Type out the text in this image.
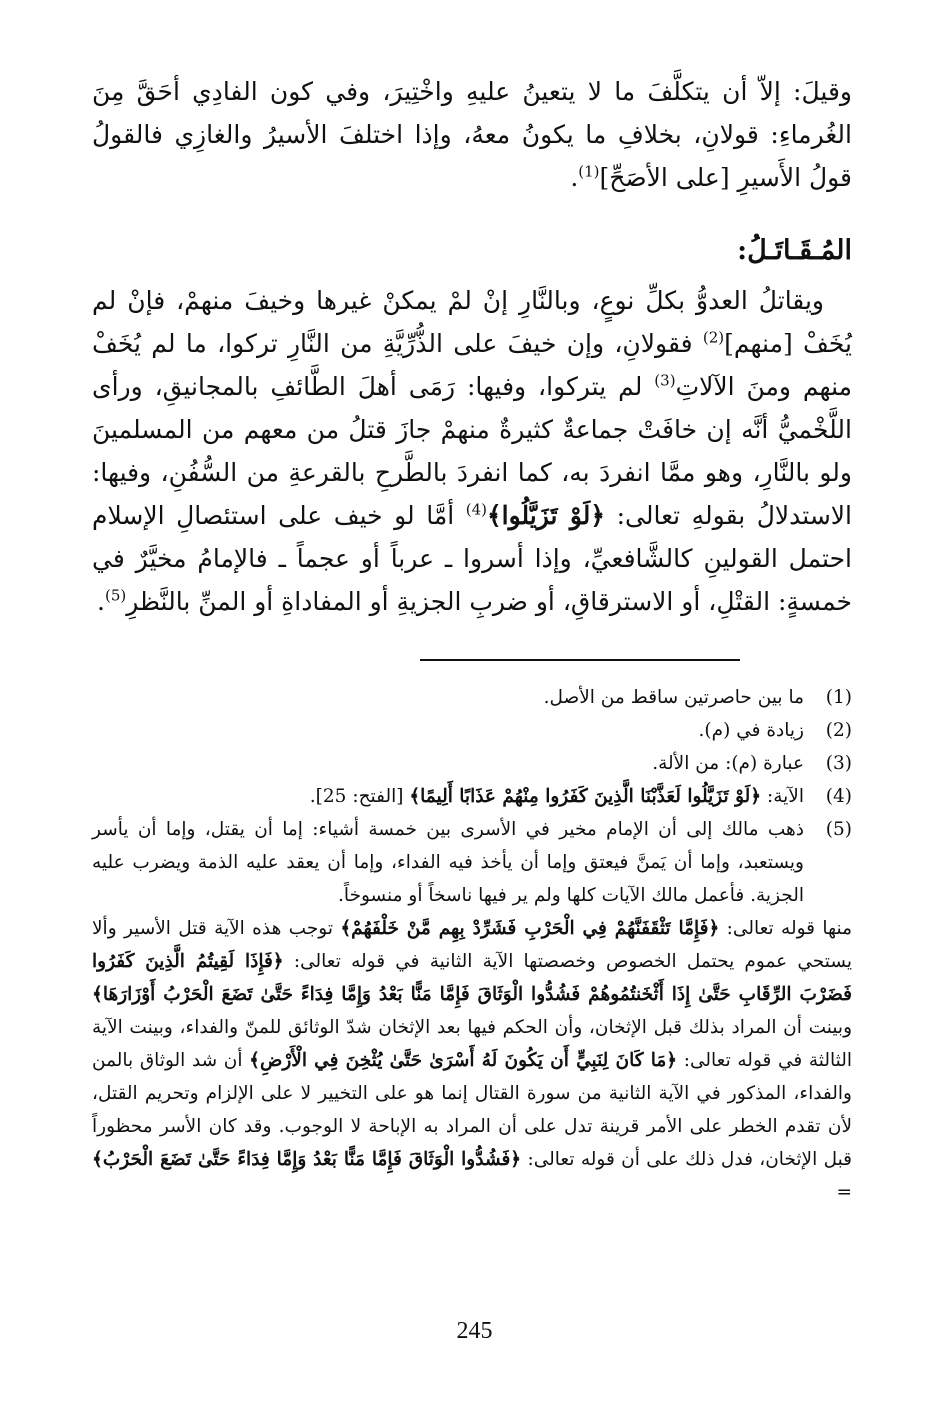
وقيلَ: إلاّ أن يتكلَّفَ ما لا يتعينُ عليهِ واخْتِيرَ، وفي كون الفادِي أحَقَّ مِنَ الغُرماءِ: قولانِ، بخلافِ ما يكونُ معهُ، وإذا اختلفَ الأسيرُ والغازِي فالقولُ قولُ الأَسيرِ [على الأصَحِّ]$^{(1)}$.

المُـقَـاتَـلُ:

ويقاتلُ العدوُّ بكلِّ نوعٍ، وبالنَّارِ إنْ لمْ يمكنْ غيرها وخيفَ منهمْ، فإنْ لم يُخَفْ [منهم]$^{(2)}$ فقولانِ، وإن خيفَ على الذُّرِّيَّةِ من النَّارِ تركوا، ما لم يُخَفْ منهم ومنَ الآلاتِ$^{(3)}$ لم يتركوا، وفيها: رَمَى أهلَ الطَّائفِ بالمجانيقِ، ورأى اللَّخْميُّ أنَّه إن خافَتْ جماعةٌ كثيرةٌ منهمْ جازَ قتلُ من معهم من المسلمينَ ولو بالنَّارِ، وهو ممَّا انفردَ به، كما انفردَ بالطَّرحِ بالقرعةِ من السُّفُنِ، وفيها: الاستدلالُ بقولهِ تعالى: ﴿لَوْ تَزَيَّلُوا﴾$^{(4)}$ أمَّا لو خيف على استئصالِ الإسلام احتمل القولينِ كالشَّافعيِّ، وإذا أسروا ـ عرباً أو عجماً ـ فالإمامُ مخيَّرٌ في خمسةٍ: القتْلِ، أو الاسترقاقِ، أو ضربِ الجزيةِ أو المفاداةِ أو المنِّ بالنَّظرِ$^{(5)}$.

(1)
ما بين حاصرتين ساقط من الأصل.
(2)
زيادة في (م).
(3)
عبارة (م): من الألة.
(4)
الآية: ﴿لَوْ تَزَيَّلُوا لَعَذَّبْنَا الَّذِينَ كَفَرُوا مِنْهُمْ عَذَابًا أَلِيمًا﴾ [الفتح: 25].
(5)
ذهب مالك إلى أن الإمام مخير في الأسرى بين خمسة أشياء: إما أن يقتل، وإما أن يأسر ويستعبد، وإما أن يَمنَّ فيعتق وإما أن يأخذ فيه الفداء، وإما أن يعقد عليه الذمة ويضرب عليه الجزية. فأعمل مالك الآيات كلها ولم ير فيها ناسخاً أو منسوخاً.
منها قوله تعالى: ﴿فَإِمَّا تَثْقَفَنَّهُمْ فِي الْحَرْبِ فَشَرِّدْ بِهِم مَّنْ خَلْفَهُمْ﴾ توجب هذه الآية قتل الأسير وألا يستحي عموم يحتمل الخصوص وخصصتها الآية الثانية في قوله تعالى: ﴿فَإِذَا لَقِيتُمُ الَّذِينَ كَفَرُوا فَضَرْبَ الرِّقَابِ حَتَّىٰ إِذَا أَثْخَنتُمُوهُمْ فَشُدُّوا الْوَثَاقَ فَإِمَّا مَنًّا بَعْدُ وَإِمَّا فِدَاءً حَتَّىٰ تَضَعَ الْحَرْبُ أَوْزَارَهَا﴾ وبينت أن المراد بذلك قبل الإثخان، وأن الحكم فيها بعد الإثخان شدّ الوثائق للمنّ والفداء، وبينت الآية الثالثة في قوله تعالى: ﴿مَا كَانَ لِنَبِيٍّ أَن يَكُونَ لَهُ أَسْرَىٰ حَتَّىٰ يُثْخِنَ فِي الْأَرْضِ﴾ أن شد الوثاق بالمن والفداء، المذكور في الآية الثانية من سورة القتال إنما هو على التخيير لا على الإلزام وتحريم القتل، لأن تقدم الخطر على الأمر قرينة تدل على أن المراد به الإباحة لا الوجوب. وقد كان الأسر محظوراً قبل الإثخان، فدل ذلك على أن قوله تعالى: ﴿فَشُدُّوا الْوَثَاقَ فَإِمَّا مَنًّا بَعْدُ وَإِمَّا فِدَاءً حَتَّىٰ تَضَعَ الْحَرْبُ﴾=
245
